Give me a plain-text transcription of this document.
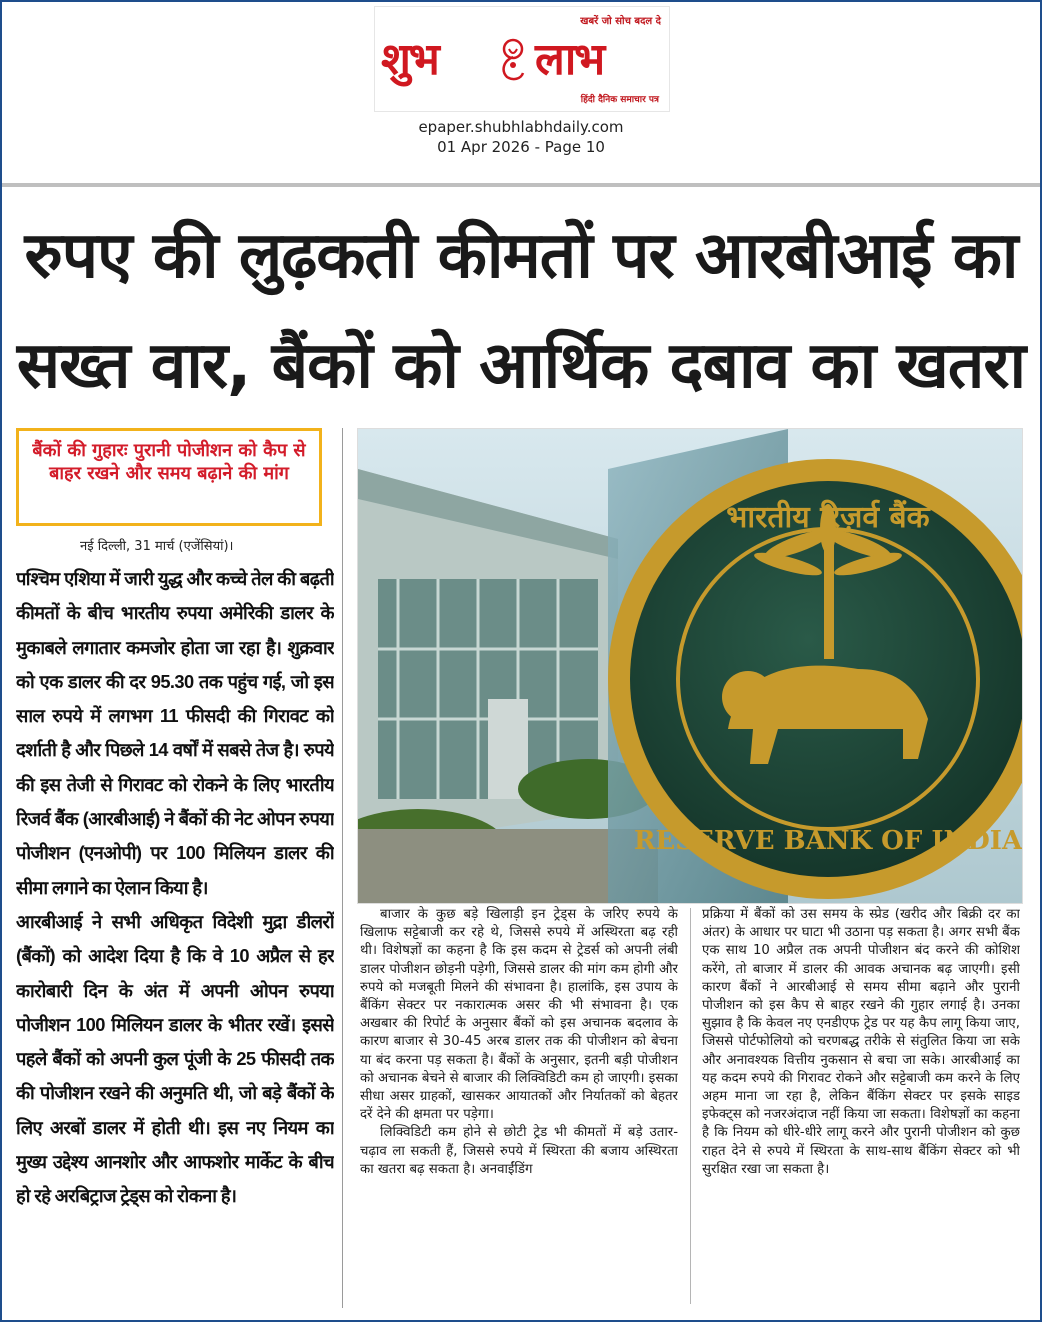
खबरें जो सोच बदल दे
शुभ लाभ
हिंदी दैनिक समाचार पत्र
epaper.shubhlabhdaily.com
01 Apr 2026 - Page 10
रुपए की लुढ़कती कीमतों पर आरबीआई का
सख्त वार, बैंकों को आर्थिक दबाव का खतरा
बैंकों की गुहारः पुरानी पोजीशन को कैप से बाहर रखने और समय बढ़ाने की मांग
नई दिल्ली, 31 मार्च (एजेंसियां)।

पश्चिम एशिया में जारी युद्ध और कच्चे तेल की बढ़ती कीमतों के बीच भारतीय रुपया अमेरिकी डालर के मुकाबले लगातार कमजोर होता जा रहा है। शुक्रवार को एक डालर की दर 95.30 तक पहुंच गई, जो इस साल रुपये में लगभग 11 फीसदी की गिरावट को दर्शाती है और पिछले 14 वर्षों में सबसे तेज है। रुपये की इस तेजी से गिरावट को रोकने के लिए भारतीय रिजर्व बैंक (आरबीआई) ने बैंकों की नेट ओपन रुपया पोजीशन (एनओपी) पर 100 मिलियन डालर की सीमा लगाने का ऐलान किया है।

आरबीआई ने सभी अधिकृत विदेशी मुद्रा डीलरों (बैंकों) को आदेश दिया है कि वे 10 अप्रैल से हर कारोबारी दिन के अंत में अपनी ओपन रुपया पोजीशन 100 मिलियन डालर के भीतर रखें। इससे पहले बैंकों को अपनी कुल पूंजी के 25 फीसदी तक की पोजीशन रखने की अनुमति थी, जो बड़े बैंकों के लिए अरबों डालर में होती थी। इस नए नियम का मुख्य उद्देश्य आनशोर और आफशोर मार्केट के बीच हो रहे अरबिट्राज ट्रेड्स को रोकना है।

भारतीय रिज़र्व बैंक
RESERVE BANK OF INDIA

बाजार के कुछ बड़े खिलाड़ी इन ट्रेड्स के जरिए रुपये के खिलाफ सट्टेबाजी कर रहे थे, जिससे रुपये में अस्थिरता बढ़ रही थी। विशेषज्ञों का कहना है कि इस कदम से ट्रेडर्स को अपनी लंबी डालर पोजीशन छोड़नी पड़ेगी, जिससे डालर की मांग कम होगी और रुपये को मजबूती मिलने की संभावना है। हालांकि, इस उपाय के बैंकिंग सेक्टर पर नकारात्मक असर की भी संभावना है। एक अखबार की रिपोर्ट के अनुसार बैंकों को इस अचानक बदलाव के कारण बाजार से 30-45 अरब डालर तक की पोजीशन को बेचना या बंद करना पड़ सकता है। बैंकों के अनुसार, इतनी बड़ी पोजीशन को अचानक बेचने से बाजार की लिक्विडिटी कम हो जाएगी। इसका सीधा असर ग्राहकों, खासकर आयातकों और निर्यातकों को बेहतर दरें देने की क्षमता पर पड़ेगा।

लिक्विडिटी कम होने से छोटी ट्रेड भी कीमतों में बड़े उतार-चढ़ाव ला सकती हैं, जिससे रुपये में स्थिरता की बजाय अस्थिरता का खतरा बढ़ सकता है। अनवाईंडिंग

प्रक्रिया में बैंकों को उस समय के स्प्रेड (खरीद और बिक्री दर का अंतर) के आधार पर घाटा भी उठाना पड़ सकता है। अगर सभी बैंक एक साथ 10 अप्रैल तक अपनी पोजीशन बंद करने की कोशिश करेंगे, तो बाजार में डालर की आवक अचानक बढ़ जाएगी। इसी कारण बैंकों ने आरबीआई से समय सीमा बढ़ाने और पुरानी पोजीशन को इस कैप से बाहर रखने की गुहार लगाई है। उनका सुझाव है कि केवल नए एनडीएफ ट्रेड पर यह कैप लागू किया जाए, जिससे पोर्टफोलियो को चरणबद्ध तरीके से संतुलित किया जा सके और अनावश्यक वित्तीय नुकसान से बचा जा सके। आरबीआई का यह कदम रुपये की गिरावट रोकने और सट्टेबाजी कम करने के लिए अहम माना जा रहा है, लेकिन बैंकिंग सेक्टर पर इसके साइड इफेक्ट्स को नजरअंदाज नहीं किया जा सकता। विशेषज्ञों का कहना है कि नियम को धीरे-धीरे लागू करने और पुरानी पोजीशन को कुछ राहत देने से रुपये में स्थिरता के साथ-साथ बैंकिंग सेक्टर को भी सुरक्षित रखा जा सकता है।
